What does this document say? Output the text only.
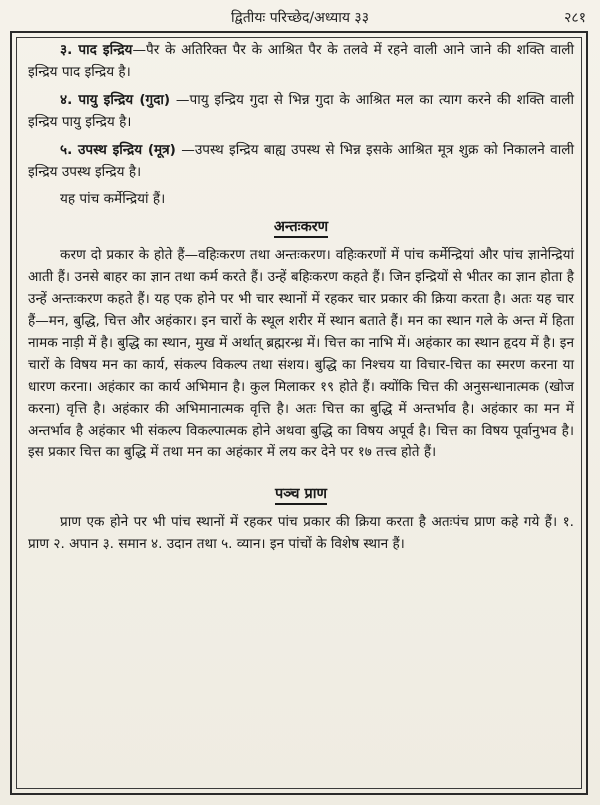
द्वितीयः परिच्छेद/अध्याय ३३	२८१

३. पाद इन्द्रिय—पैर के अतिरिक्त पैर के आश्रित पैर के तलवे में रहने वाली आने जाने की शक्ति वाली इन्द्रिय पाद इन्द्रिय है।

४. पायु इन्द्रिय (गुदा) —पायु इन्द्रिय गुदा से भिन्न गुदा के आश्रित मल का त्याग करने की शक्ति वाली इन्द्रिय पायु इन्द्रिय है।

५. उपस्थ इन्द्रिय (मूत्र) —उपस्थ इन्द्रिय बाह्य उपस्थ से भिन्न इसके आश्रित मूत्र शुक्र को निकालने वाली इन्द्रिय उपस्थ इन्द्रिय है।

यह पांच कर्मेन्द्रियां हैं।

अन्तःकरण

करण दो प्रकार के होते हैं—वहिःकरण तथा अन्तःकरण। वहिःकरणों में पांच कर्मेन्द्रियां और पांच ज्ञानेन्द्रियां आती हैं। उनसे बाहर का ज्ञान तथा कर्म करते हैं। उन्हें बहिःकरण कहते हैं। जिन इन्द्रियों से भीतर का ज्ञान होता है उन्हें अन्तःकरण कहते हैं। यह एक होने पर भी चार स्थानों में रहकर चार प्रकार की क्रिया करता है। अतः यह चार हैं—मन, बुद्धि, चित्त और अहंकार। इन चारों के स्थूल शरीर में स्थान बताते हैं। मन का स्थान गले के अन्त में हिता नामक नाड़ी में है। बुद्धि का स्थान, मुख में अर्थात् ब्रह्मरन्ध्र में। चित्त का नाभि में। अहंकार का स्थान हृदय में है। इन चारों के विषय मन का कार्य, संकल्प विकल्प तथा संशय। बुद्धि का निश्चय या विचार-चित्त का स्मरण करना या धारण करना। अहंकार का कार्य अभिमान है। कुल मिलाकर १९ होते हैं। क्योंकि चित्त की अनुसन्धानात्मक (खोज करना) वृत्ति है। अहंकार की अभिमानात्मक वृत्ति है। अतः चित्त का बुद्धि में अन्तर्भाव है। अहंकार का मन में अन्तर्भाव है अहंकार भी संकल्प विकल्पात्मक होने अथवा बुद्धि का विषय अपूर्व है। चित्त का विषय पूर्वानुभव है। इस प्रकार चित्त का बुद्धि में तथा मन का अहंकार में लय कर देने पर १७ तत्त्व होते हैं।

पञ्च प्राण

प्राण एक होने पर भी पांच स्थानों में रहकर पांच प्रकार की क्रिया करता है अतःपंच प्राण कहे गये हैं। १. प्राण २. अपान ३. समान ४. उदान तथा ५. व्यान। इन पांचों के विशेष स्थान हैं।
